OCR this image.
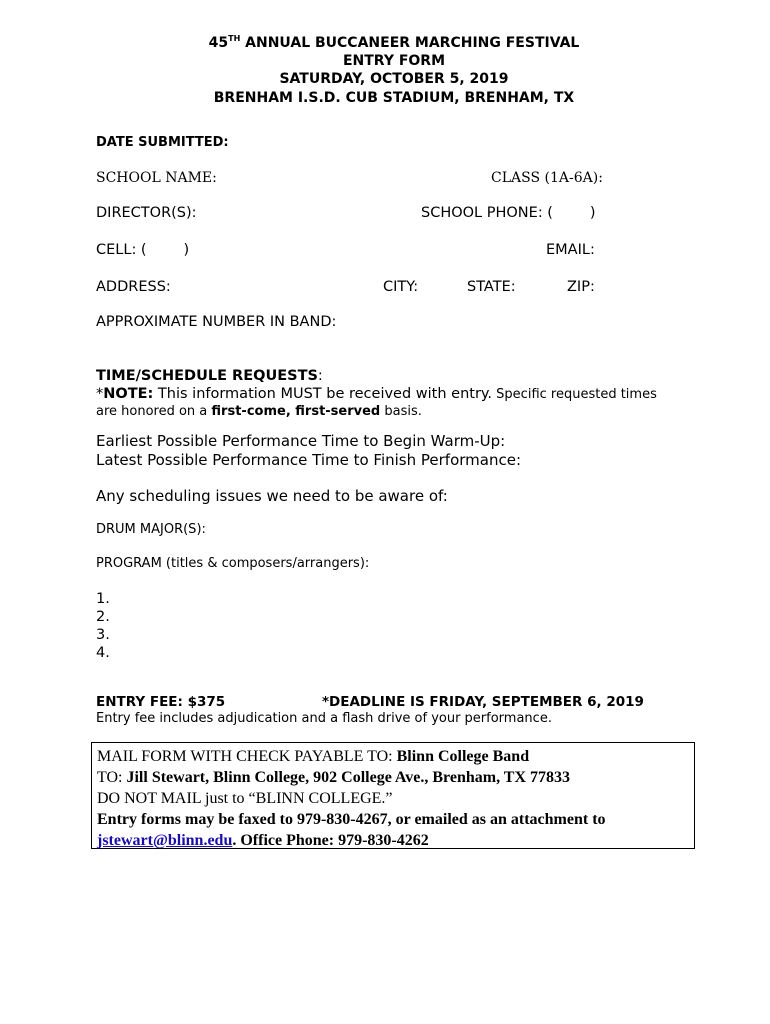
45TH ANNUAL BUCCANEER MARCHING FESTIVAL
ENTRY FORM
SATURDAY, OCTOBER 5, 2019
BRENHAM I.S.D. CUB STADIUM, BRENHAM, TX
DATE SUBMITTED:
SCHOOL NAME:	CLASS (1A-6A):
DIRECTOR(S):	SCHOOL PHONE: (        )
CELL: (        )	EMAIL:
ADDRESS:	CITY:	STATE:	ZIP:
APPROXIMATE NUMBER IN BAND:
TIME/SCHEDULE REQUESTS:
*NOTE: This information MUST be received with entry. Specific requested times
are honored on a first-come, first-served basis.
Earliest Possible Performance Time to Begin Warm-Up:
Latest Possible Performance Time to Finish Performance:
Any scheduling issues we need to be aware of:
DRUM MAJOR(S):
PROGRAM (titles & composers/arrangers):
1.
2.
3.
4.
ENTRY FEE: $375	*DEADLINE IS FRIDAY, SEPTEMBER 6, 2019
Entry fee includes adjudication and a flash drive of your performance.
MAIL FORM WITH CHECK PAYABLE TO: Blinn College Band
TO: Jill Stewart, Blinn College, 902 College Ave., Brenham, TX 77833
DO NOT MAIL just to “BLINN COLLEGE.”
Entry forms may be faxed to 979-830-4267, or emailed as an attachment to
jstewart@blinn.edu. Office Phone: 979-830-4262
